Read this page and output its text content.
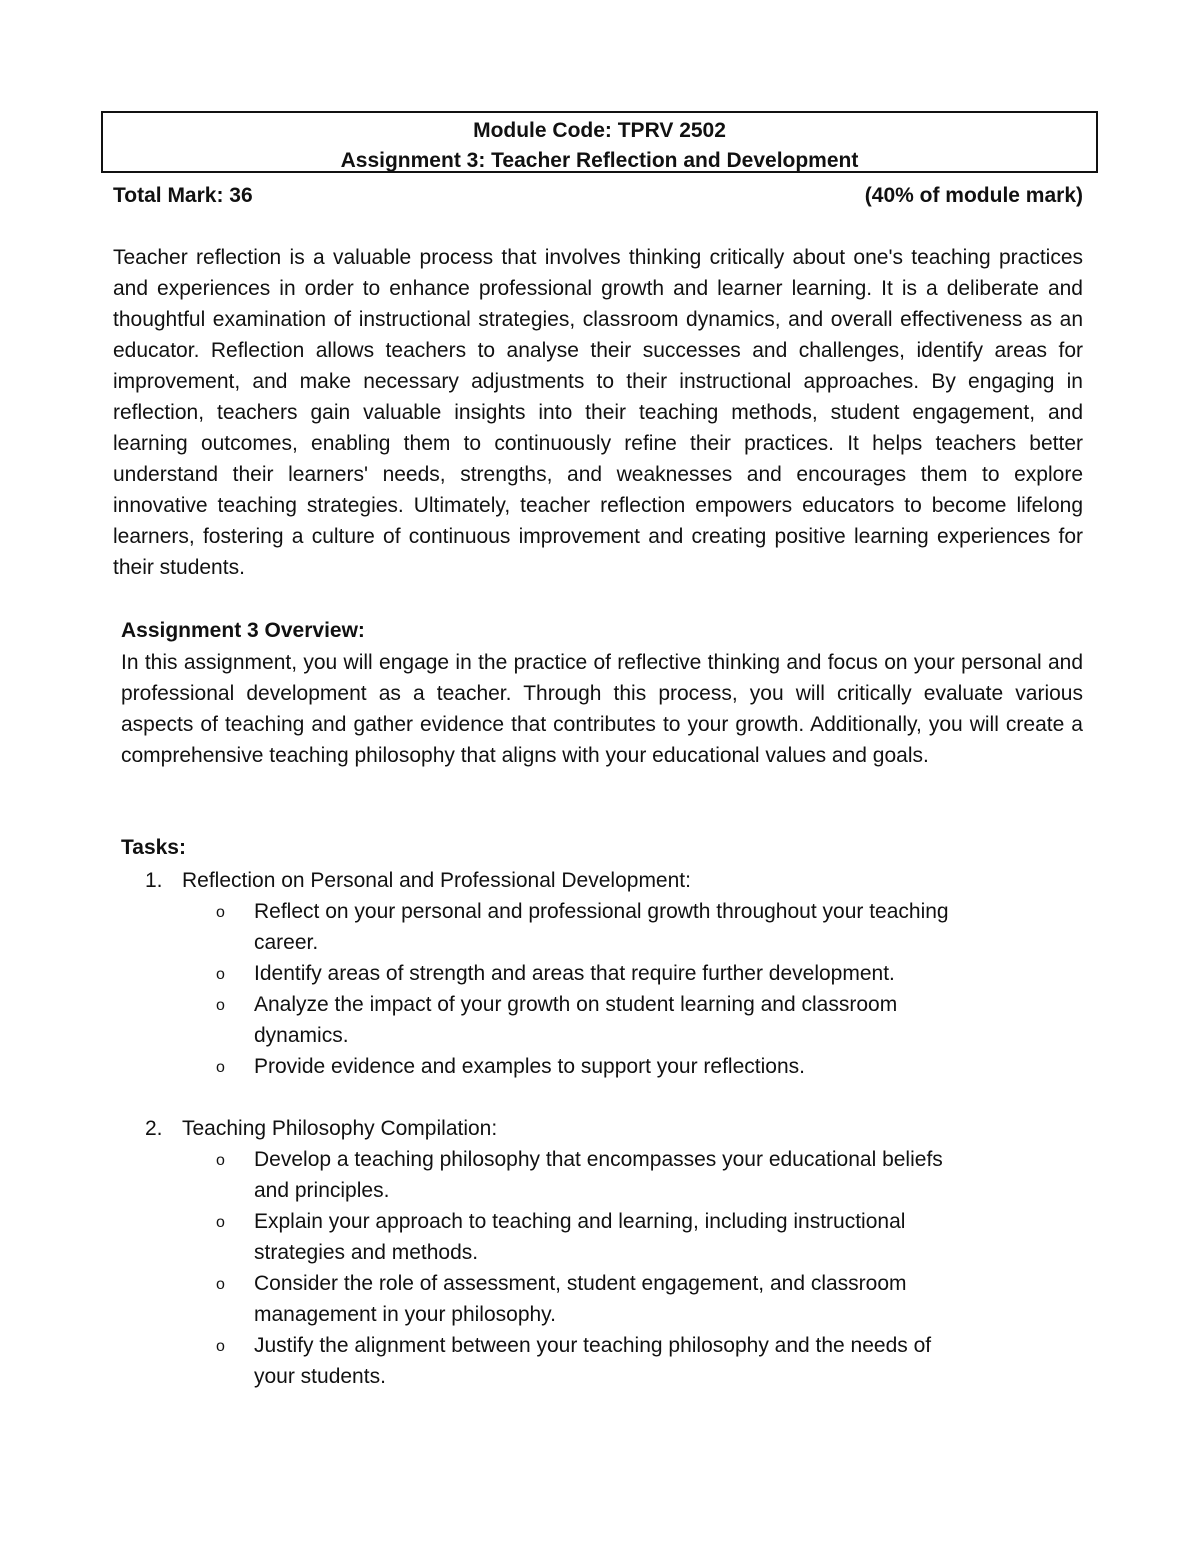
Module Code: TPRV 2502
Assignment 3: Teacher Reflection and Development
Total Mark: 36	(40% of module mark)

Teacher reflection is a valuable process that involves thinking critically about one's teaching practices and experiences in order to enhance professional growth and learner learning. It is a deliberate and thoughtful examination of instructional strategies, classroom dynamics, and overall effectiveness as an educator. Reflection allows teachers to analyse their successes and challenges, identify areas for improvement, and make necessary adjustments to their instructional approaches. By engaging in reflection, teachers gain valuable insights into their teaching methods, student engagement, and learning outcomes, enabling them to continuously refine their practices. It helps teachers better understand their learners' needs, strengths, and weaknesses and encourages them to explore innovative teaching strategies. Ultimately, teacher reflection empowers educators to become lifelong learners, fostering a culture of continuous improvement and creating positive learning experiences for their students.

Assignment 3 Overview:

In this assignment, you will engage in the practice of reflective thinking and focus on your personal and professional development as a teacher. Through this process, you will critically evaluate various aspects of teaching and gather evidence that contributes to your growth. Additionally, you will create a comprehensive teaching philosophy that aligns with your educational values and goals.

Tasks:
1. Reflection on Personal and Professional Development:
o Reflect on your personal and professional growth throughout your teaching career.
o Identify areas of strength and areas that require further development.
o Analyze the impact of your growth on student learning and classroom dynamics.
o Provide evidence and examples to support your reflections.
2. Teaching Philosophy Compilation:
o Develop a teaching philosophy that encompasses your educational beliefs and principles.
o Explain your approach to teaching and learning, including instructional strategies and methods.
o Consider the role of assessment, student engagement, and classroom management in your philosophy.
o Justify the alignment between your teaching philosophy and the needs of your students.
